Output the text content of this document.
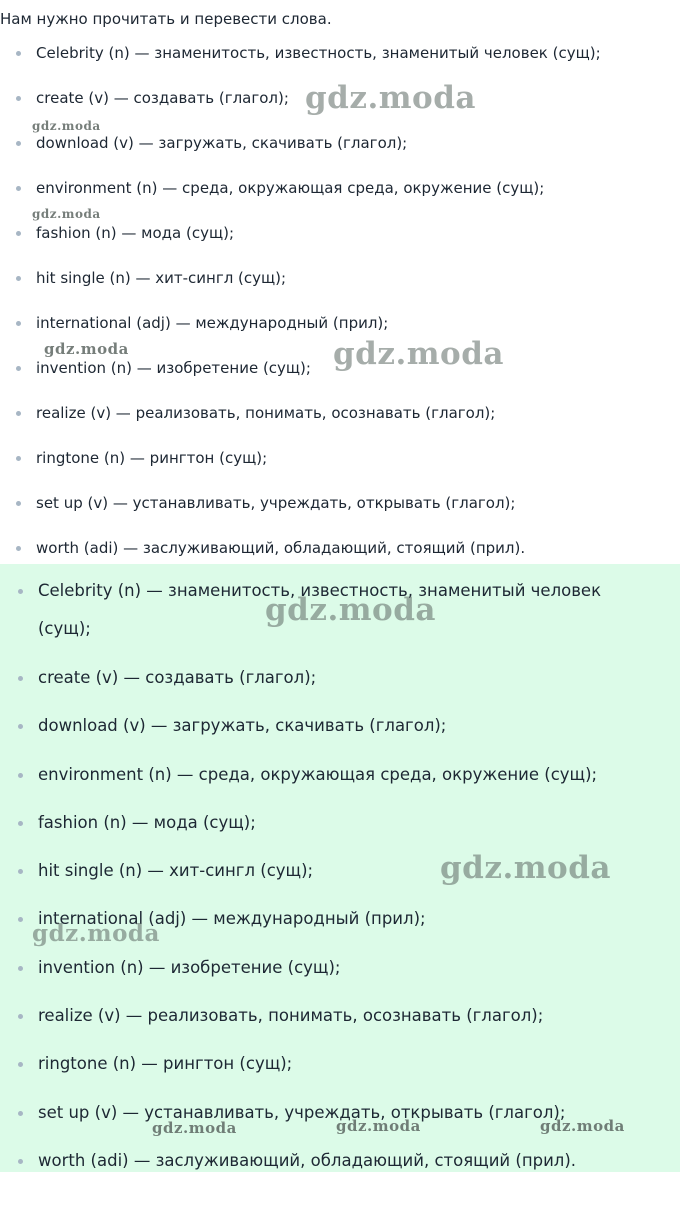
Нам нужно прочитать и перевести слова.
Celebrity (n) — знаменитость, известность, знаменитый человек (сущ);
create (v) — создавать (глагол);
download (v) — загружать, скачивать (глагол);
environment (n) — среда, окружающая среда, окружение (сущ);
fashion (n) — мода (сущ);
hit single (n) — хит-сингл (сущ);
international (adj) — международный (прил);
invention (n) — изобретение (сущ);
realize (v) — реализовать, понимать, осознавать (глагол);
ringtone (n) — рингтон (сущ);
set up (v) — устанавливать, учреждать, открывать (глагол);
worth (adi) — заслуживающий, обладающий, стоящий (прил).
Celebrity (n) — знаменитость, известность, знаменитый человек (сущ);
create (v) — создавать (глагол);
download (v) — загружать, скачивать (глагол);
environment (n) — среда, окружающая среда, окружение (сущ);
fashion (n) — мода (сущ);
hit single (n) — хит-сингл (сущ);
international (adj) — международный (прил);
invention (n) — изобретение (сущ);
realize (v) — реализовать, понимать, осознавать (глагол);
ringtone (n) — рингтон (сущ);
set up (v) — устанавливать, учреждать, открывать (глагол);
worth (adi) — заслуживающий, обладающий, стоящий (прил).
gdz.moda
gdz.moda
gdz.moda
gdz.moda	gdz.moda
gdz.moda
gdz.moda
gdz.moda
gdz.moda	gdz.moda	gdz.moda
